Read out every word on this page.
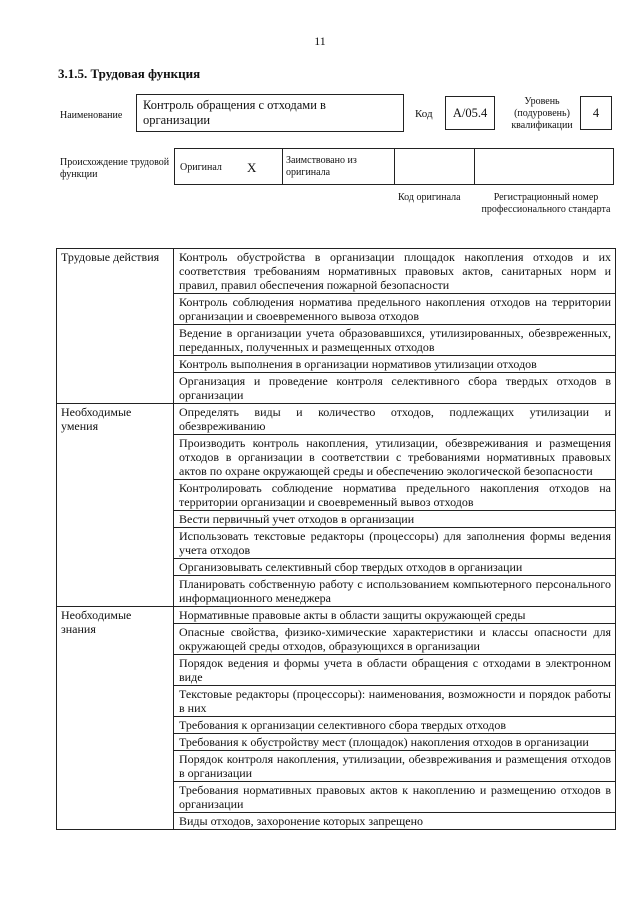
11
3.1.5. Трудовая функция
Наименование
Контроль обращения с отходами в организации	Код	А/05.4
Уровень (подуровень) квалификации
4
Происхождение трудовой функции
Оригинал X	Заимствовано из оригинала
Код оригинала	Регистрационный номер профессионального стандарта
Трудовые действия	Контроль обустройства в организации площадок накопления отходов и их соответствия требованиям нормативных правовых актов, санитарных норм и правил, правил обеспечения пожарной безопасности
	Контроль соблюдения норматива предельного накопления отходов на территории организации и своевременного вывоза отходов
	Ведение в организации учета образовавшихся, утилизированных, обезвреженных, переданных, полученных и размещенных отходов
	Контроль выполнения в организации нормативов утилизации отходов
	Организация и проведение контроля селективного сбора твердых отходов в организации
Необходимые умения	Определять виды и количество отходов, подлежащих утилизации и обезвреживанию
	Производить контроль накопления, утилизации, обезвреживания и размещения отходов в организации в соответствии с требованиями нормативных правовых актов по охране окружающей среды и обеспечению экологической безопасности
	Контролировать соблюдение норматива предельного накопления отходов на территории организации и своевременный вывоз отходов
	Вести первичный учет отходов в организации
	Использовать текстовые редакторы (процессоры) для заполнения формы ведения учета отходов
	Организовывать селективный сбор твердых отходов в организации
	Планировать собственную работу с использованием компьютерного персонального информационного менеджера
Необходимые знания	Нормативные правовые акты в области защиты окружающей среды
	Опасные свойства, физико-химические характеристики и классы опасности для окружающей среды отходов, образующихся в организации
	Порядок ведения и формы учета в области обращения с отходами в электронном виде
	Текстовые редакторы (процессоры): наименования, возможности и порядок работы в них
	Требования к организации селективного сбора твердых отходов
	Требования к обустройству мест (площадок) накопления отходов в организации
	Порядок контроля накопления, утилизации, обезвреживания и размещения отходов в организации
	Требования нормативных правовых актов к накоплению и размещению отходов в организации
	Виды отходов, захоронение которых запрещено
